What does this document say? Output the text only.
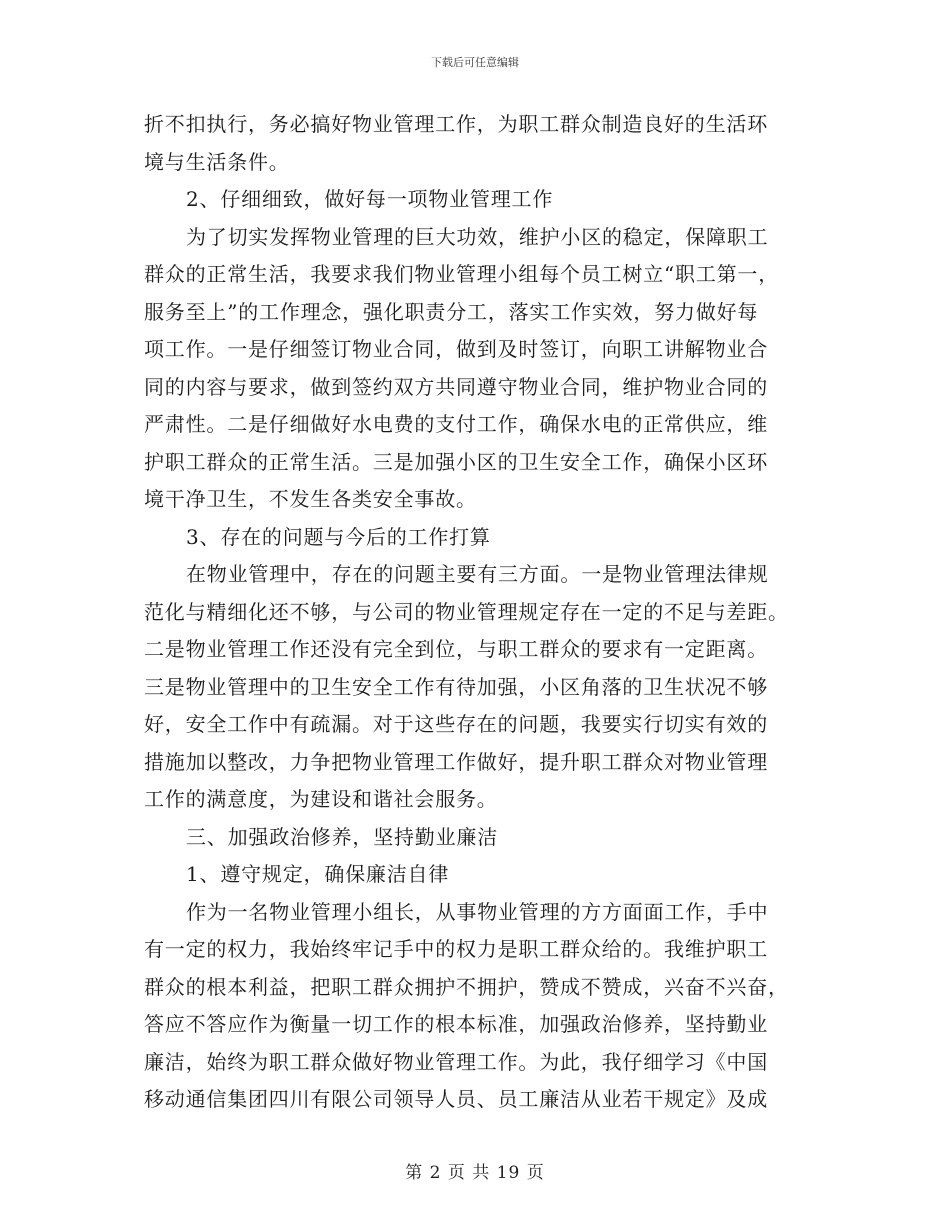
下载后可任意编辑
折不扣执行，务必搞好物业管理工作，为职工群众制造良好的生活环
境与生活条件。
2、仔细细致，做好每一项物业管理工作
为了切实发挥物业管理的巨大功效，维护小区的稳定，保障职工
群众的正常生活，我要求我们物业管理小组每个员工树立“职工第一，
服务至上”的工作理念，强化职责分工，落实工作实效，努力做好每
项工作。一是仔细签订物业合同，做到及时签订，向职工讲解物业合
同的内容与要求，做到签约双方共同遵守物业合同，维护物业合同的
严肃性。二是仔细做好水电费的支付工作，确保水电的正常供应，维
护职工群众的正常生活。三是加强小区的卫生安全工作，确保小区环
境干净卫生，不发生各类安全事故。
3、存在的问题与今后的工作打算
在物业管理中，存在的问题主要有三方面。一是物业管理法律规
范化与精细化还不够，与公司的物业管理规定存在一定的不足与差距。
二是物业管理工作还没有完全到位，与职工群众的要求有一定距离。
三是物业管理中的卫生安全工作有待加强，小区角落的卫生状况不够
好，安全工作中有疏漏。对于这些存在的问题，我要实行切实有效的
措施加以整改，力争把物业管理工作做好，提升职工群众对物业管理
工作的满意度，为建设和谐社会服务。
三、加强政治修养，坚持勤业廉洁
1、遵守规定，确保廉洁自律
作为一名物业管理小组长，从事物业管理的方方面面工作，手中
有一定的权力，我始终牢记手中的权力是职工群众给的。我维护职工
群众的根本利益，把职工群众拥护不拥护，赞成不赞成，兴奋不兴奋，
答应不答应作为衡量一切工作的根本标准，加强政治修养，坚持勤业
廉洁，始终为职工群众做好物业管理工作。为此，我仔细学习《中国
移动通信集团四川有限公司领导人员、员工廉洁从业若干规定》及成
第 2 页 共 19 页
